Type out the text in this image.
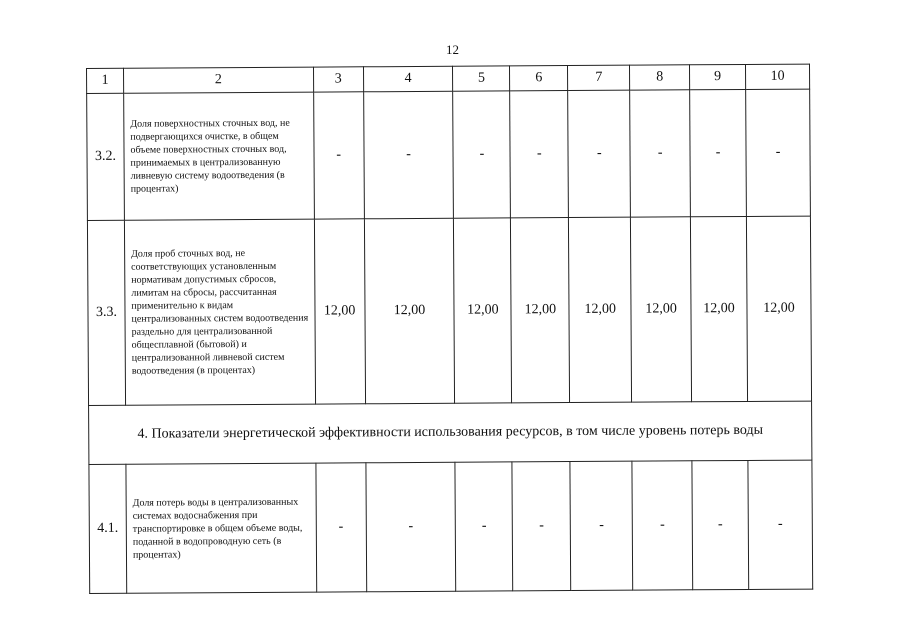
12
1	2	3	4	5	6	7	8	9	10
3.2.	Доля поверхностных сточных вод, не подвергающихся очистке, в общем объеме поверхностных сточных вод, принимаемых в централизованную ливневую систему водоотведения (в процентах)	-	-	-	-	-	-	-	-
3.3.	Доля проб сточных вод, не соответствующих установленным нормативам допустимых сбросов, лимитам на сбросы, рассчитанная применительно к видам централизованных систем водоотведения раздельно для централизованной общесплавной (бытовой) и централизованной ливневой систем водоотведения (в процентах)	12,00	12,00	12,00	12,00	12,00	12,00	12,00	12,00
4. Показатели энергетической эффективности использования ресурсов, в том числе уровень потерь воды									
4.1.	Доля потерь воды в централизованных системах водоснабжения при транспортировке в общем объеме воды, поданной в водопроводную сеть (в процентах)	-	-	-	-	-	-	-	-
